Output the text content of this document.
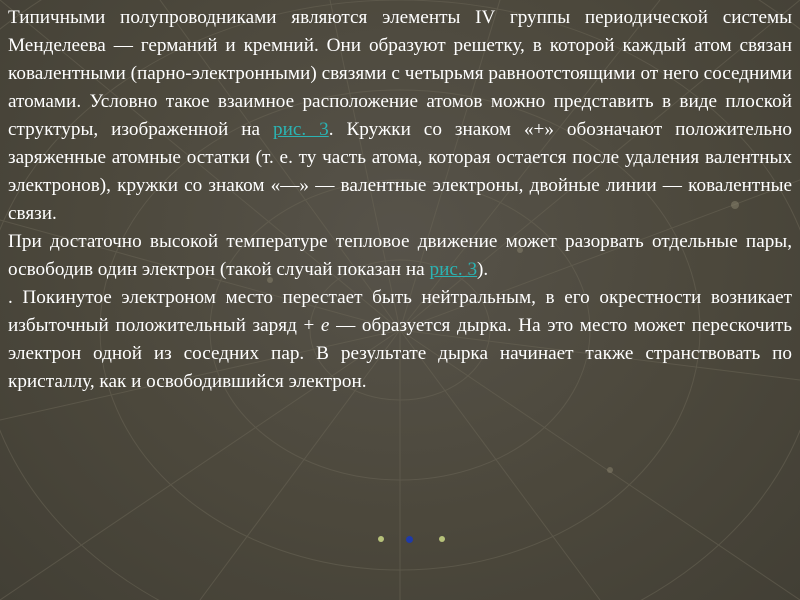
Типичными полупроводниками являются элементы IV группы периодической системы Менделеева — германий и кремний. Они образуют решетку, в которой каждый атом связан ковалентными (парно-электронными) связями с четырьмя равноотстоящими от него соседними атомами. Условно такое взаимное расположение атомов можно представить в виде плоской структуры, изображенной на рис. 3. Кружки со знаком «+» обозначают положительно заряженные атомные остатки (т. е. ту часть атома, которая остается после удаления валентных электронов), кружки со знаком «—» — валентные электроны, двойные линии — ковалентные связи.

При достаточно высокой температуре тепловое движение может разорвать отдельные пары, освободив один электрон (такой случай показан на рис. 3).

. Покинутое электроном место перестает быть нейтральным, в его окрестности возникает избыточный положительный заряд + е — образуется дырка. На это место может перескочить электрон одной из соседних пар. В результате дырка начинает также странствовать по кристаллу, как и освободившийся электрон.
